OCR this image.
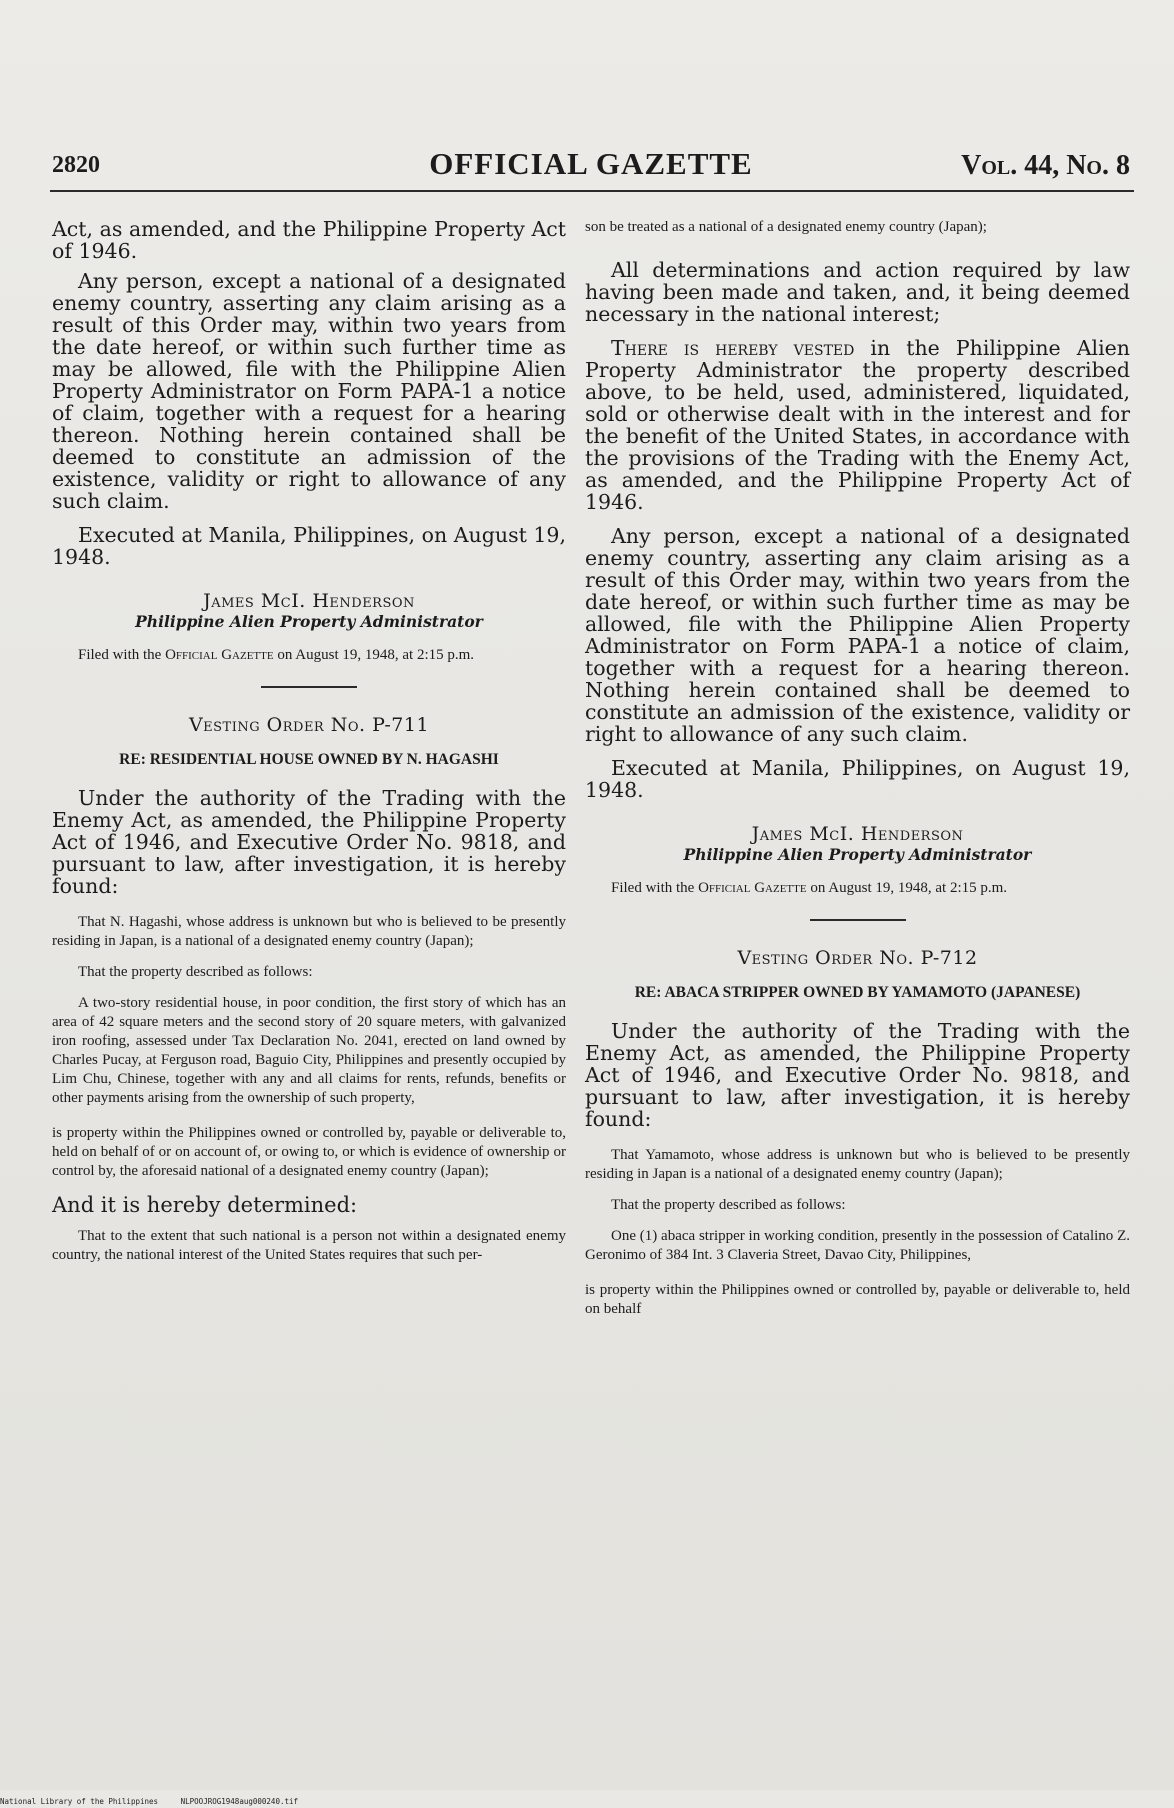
2820	OFFICIAL GAZETTE	Vol. 44, No. 8

Act, as amended, and the Philippine Property Act of 1946.

Any person, except a national of a designated enemy country, asserting any claim arising as a result of this Order may, within two years from the date hereof, or within such further time as may be allowed, file with the Philippine Alien Property Administrator on Form PAPA-1 a notice of claim, together with a request for a hearing thereon. Nothing herein contained shall be deemed to constitute an admission of the existence, validity or right to allowance of any such claim.

Executed at Manila, Philippines, on August 19, 1948.

James McI. Henderson
Philippine Alien Property Administrator

Filed with the Official Gazette on August 19, 1948, at 2:15 p.m.

Vesting Order No. P-711
RE: RESIDENTIAL HOUSE OWNED BY N. HAGASHI

Under the authority of the Trading with the Enemy Act, as amended, the Philippine Property Act of 1946, and Executive Order No. 9818, and pursuant to law, after investigation, it is hereby found:

That N. Hagashi, whose address is unknown but who is believed to be presently residing in Japan, is a national of a designated enemy country (Japan);

That the property described as follows:

A two-story residential house, in poor condition, the first story of which has an area of 42 square meters and the second story of 20 square meters, with galvanized iron roofing, assessed under Tax Declaration No. 2041, erected on land owned by Charles Pucay, at Ferguson road, Baguio City, Philippines and presently occupied by Lim Chu, Chinese, together with any and all claims for rents, refunds, benefits or other payments arising from the ownership of such property,

is property within the Philippines owned or controlled by, payable or deliverable to, held on behalf of or on account of, or owing to, or which is evidence of ownership or control by, the aforesaid national of a designated enemy country (Japan);

And it is hereby determined:

That to the extent that such national is a person not within a designated enemy country, the national interest of the United States requires that such per-

son be treated as a national of a designated enemy country (Japan);

All determinations and action required by law having been made and taken, and, it being deemed necessary in the national interest;

There is hereby vested in the Philippine Alien Property Administrator the property described above, to be held, used, administered, liquidated, sold or otherwise dealt with in the interest and for the benefit of the United States, in accordance with the provisions of the Trading with the Enemy Act, as amended, and the Philippine Property Act of 1946.

Any person, except a national of a designated enemy country, asserting any claim arising as a result of this Order may, within two years from the date hereof, or within such further time as may be allowed, file with the Philippine Alien Property Administrator on Form PAPA-1 a notice of claim, together with a request for a hearing thereon. Nothing herein contained shall be deemed to constitute an admission of the existence, validity or right to allowance of any such claim.

Executed at Manila, Philippines, on August 19, 1948.

James McI. Henderson
Philippine Alien Property Administrator

Filed with the Official Gazette on August 19, 1948, at 2:15 p.m.

Vesting Order No. P-712
RE: ABACA STRIPPER OWNED BY YAMAMOTO (JAPANESE)

Under the authority of the Trading with the Enemy Act, as amended, the Philippine Property Act of 1946, and Executive Order No. 9818, and pursuant to law, after investigation, it is hereby found:

That Yamamoto, whose address is unknown but who is believed to be presently residing in Japan is a national of a designated enemy country (Japan);

That the property described as follows:

One (1) abaca stripper in working condition, presently in the possession of Catalino Z. Geronimo of 384 Int. 3 Claveria Street, Davao City, Philippines,

is property within the Philippines owned or controlled by, payable or deliverable to, held on behalf

National Library of the Philippines	NLPOOJROG1948aug000240.tif
